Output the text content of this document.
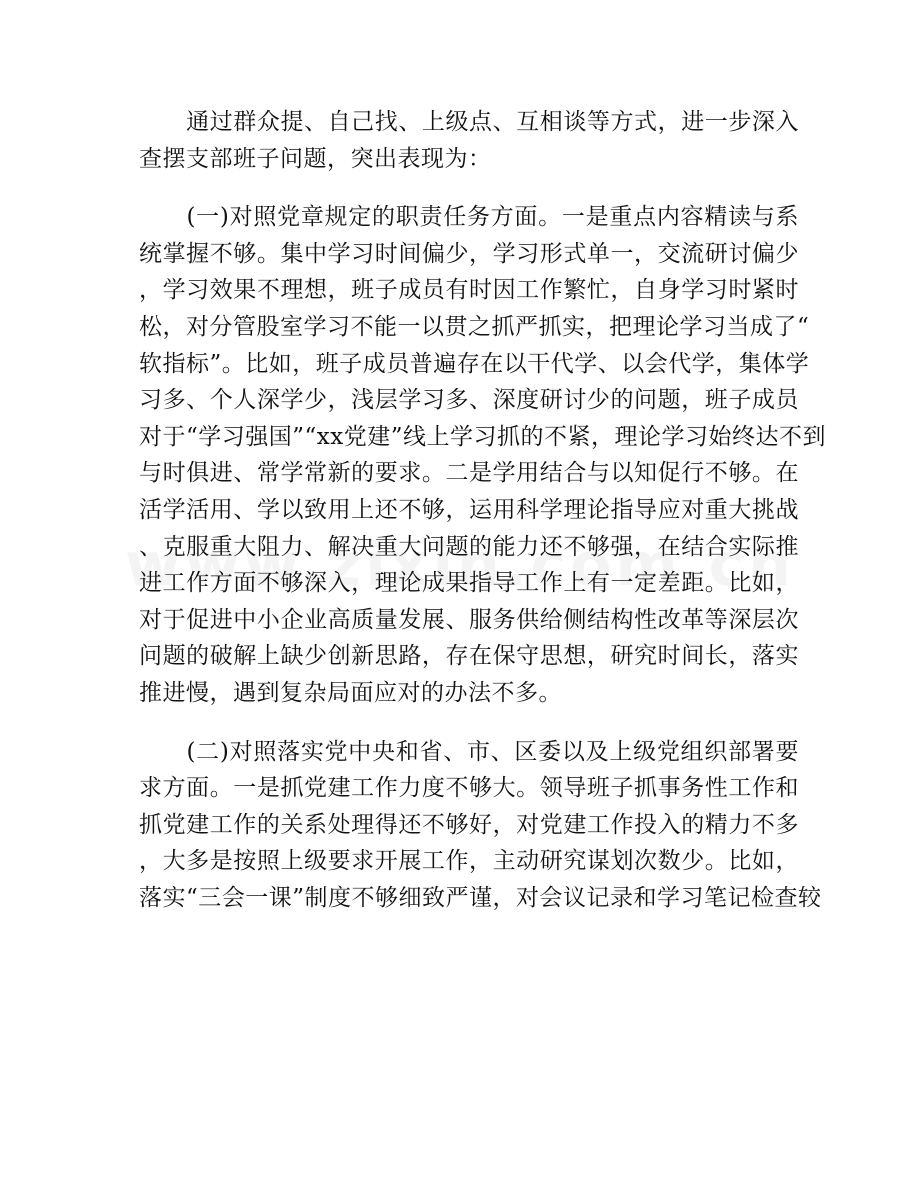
　　通过群众提、自己找、上级点、互相谈等方式，进一步深入
查摆支部班子问题，突出表现为：
　　(一)对照党章规定的职责任务方面。一是重点内容精读与系
统掌握不够。集中学习时间偏少，学习形式单一，交流研讨偏少
，学习效果不理想，班子成员有时因工作繁忙，自身学习时紧时
松，对分管股室学习不能一以贯之抓严抓实，把理论学习当成了“
软指标”。比如，班子成员普遍存在以干代学、以会代学，集体学
习多、个人深学少，浅层学习多、深度研讨少的问题，班子成员
对于“学习强国”“xx党建”线上学习抓的不紧，理论学习始终达不到
与时俱进、常学常新的要求。二是学用结合与以知促行不够。在
活学活用、学以致用上还不够，运用科学理论指导应对重大挑战
、克服重大阻力、解决重大问题的能力还不够强，在结合实际推
进工作方面不够深入，理论成果指导工作上有一定差距。比如，
对于促进中小企业高质量发展、服务供给侧结构性改革等深层次
问题的破解上缺少创新思路，存在保守思想，研究时间长，落实
推进慢，遇到复杂局面应对的办法不多。
　　(二)对照落实党中央和省、市、区委以及上级党组织部署要
求方面。一是抓党建工作力度不够大。领导班子抓事务性工作和
抓党建工作的关系处理得还不够好，对党建工作投入的精力不多
，大多是按照上级要求开展工作，主动研究谋划次数少。比如，
落实“三会一课”制度不够细致严谨，对会议记录和学习笔记检查较
